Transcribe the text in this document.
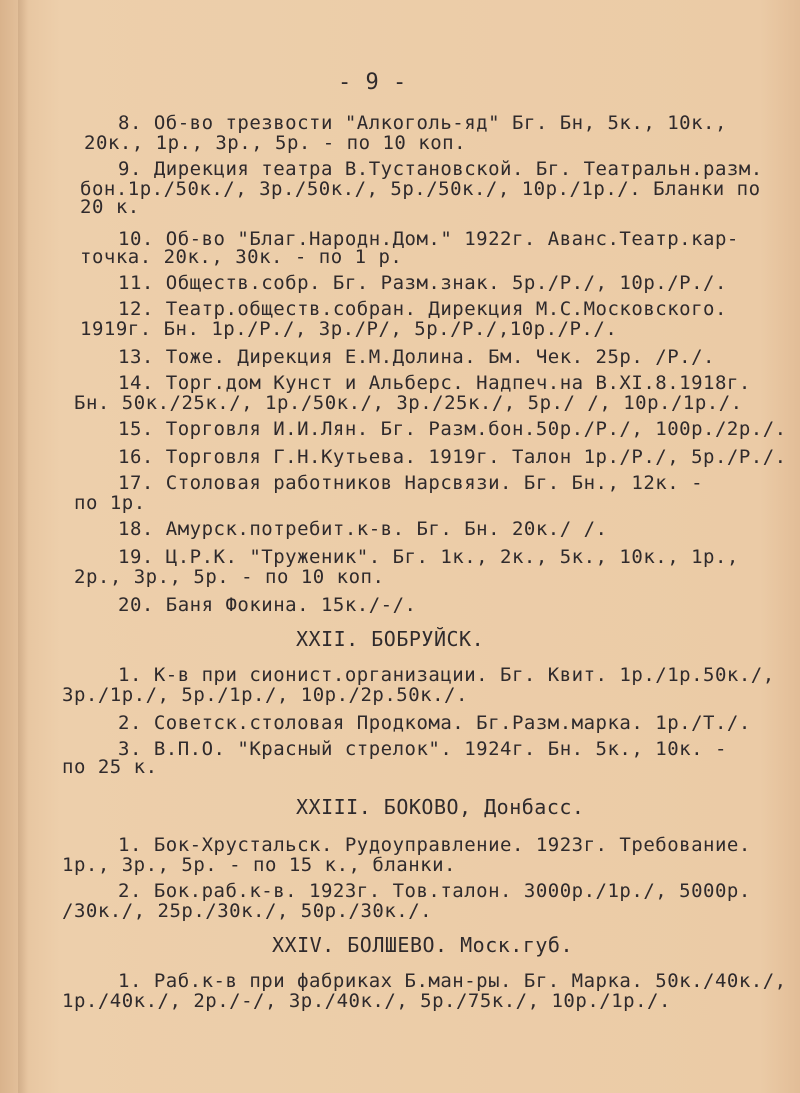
- 9 -
8. Об-во трезвости "Алкоголь-яд" Бг. Бн, 5к., 10к.,
20к., 1р., 3р., 5р. - по 10 коп.
9. Дирекция театра В.Тустановской. Бг. Театральн.разм.
бон.1р./50к./, 3р./50к./, 5р./50к./, 10р./1р./. Бланки по
20 к.
10. Об-во "Благ.Народн.Дом." 1922г. Аванс.Театр.кар-
точка. 20к., 30к. - по 1 р.
11. Обществ.собр. Бг. Разм.знак. 5р./Р./, 10р./Р./.
12. Театр.обществ.собран. Дирекция М.С.Московского.
1919г. Бн. 1р./Р./, 3р./Р/, 5р./Р./,10р./Р./.
13. Тоже. Дирекция Е.М.Долина. Бм. Чек. 25р. /Р./.
14. Торг.дом Кунст и Альберс. Надпеч.на В.XI.8.1918г.
Бн. 50к./25к./, 1р./50к./, 3р./25к./, 5р./ /, 10р./1р./.
15. Торговля И.И.Лян. Бг. Разм.бон.50р./Р./, 100р./2р./.
16. Торговля Г.Н.Кутьева. 1919г. Талон 1р./Р./, 5р./Р./.
17. Столовая работников Нарсвязи. Бг. Бн., 12к. -
по 1р.
18. Амурск.потребит.к-в. Бг. Бн. 20к./ /.
19. Ц.Р.К. "Труженик". Бг. 1к., 2к., 5к., 10к., 1р.,
2р., 3р., 5р. - по 10 коп.
20. Баня Фокина. 15к./-/.
XXII. БОБРУЙСК.
1. К-в при сионист.организации. Бг. Квит. 1р./1р.50к./,
3р./1р./, 5р./1р./, 10р./2р.50к./.
2. Советск.столовая Продкома. Бг.Разм.марка. 1р./Т./.
3. В.П.О. "Красный стрелок". 1924г. Бн. 5к., 10к. -
по 25 к.
XXIII. БОКОВО, Донбасс.
1. Бок-Хрустальск. Рудоуправление. 1923г. Требование.
1р., 3р., 5р. - по 15 к., бланки.
2. Бок.раб.к-в. 1923г. Тов.талон. 3000р./1р./, 5000р.
/30к./, 25р./30к./, 50р./30к./.
XXIV. БОЛШЕВО. Моск.губ.
1. Раб.к-в при фабриках Б.ман-ры. Бг. Марка. 50к./40к./,
1р./40к./, 2р./-/, 3р./40к./, 5р./75к./, 10р./1р./.
